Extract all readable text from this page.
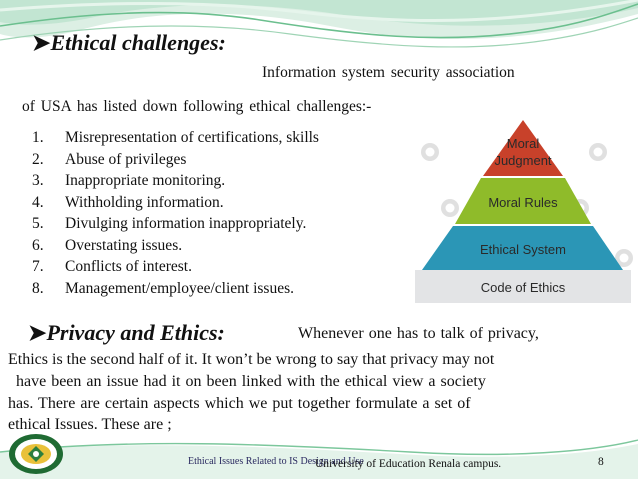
➤Ethical challenges:
Information system security association
of USA has listed down following ethical challenges:-
1. Misrepresentation of certifications, skills
2. Abuse of privileges
3. Inappropriate monitoring.
4. Withholding information.
5. Divulging information inappropriately.
6. Overstating issues.
7. Conflicts of interest.
8. Management/employee/client issues.
Moral
Judgment
Moral Rules
Ethical System
Code of Ethics
➤Privacy and Ethics:	Whenever one has to talk of privacy,
Ethics is the second half of it. It won’t be wrong to say that privacy may not
have been an issue had it on been linked with the ethical view a society
has. There are certain aspects which we put together formulate a set of
ethical Issues. These are ;
Ethical Issues Related to IS Design and Use
University of Education Renala campus.	8
